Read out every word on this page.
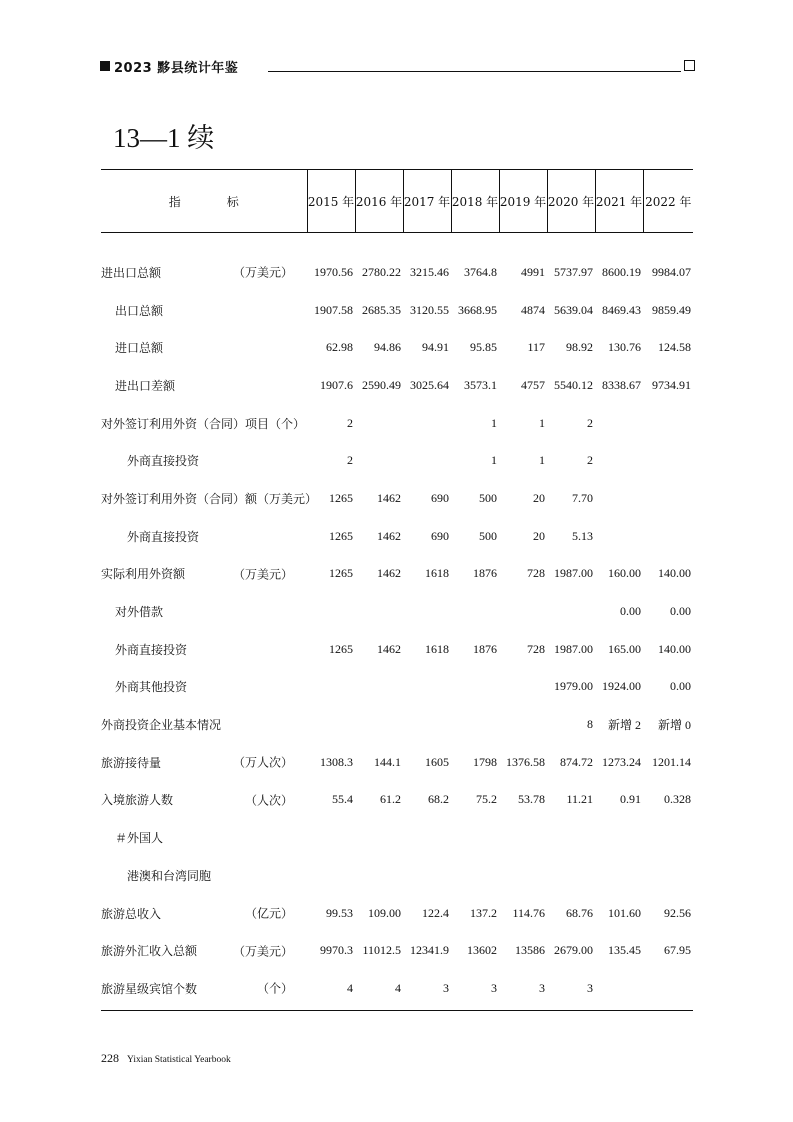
2023 黟县统计年鉴
13—1 续
指 标	2015 年	2016 年	2017 年	2018 年	2019 年	2020 年	2021 年	2022 年

进出口总额 （万美元）	1970.56	2780.22	3215.46	3764.8	4991	5737.97	8600.19	9984.07
出口总额	1907.58	2685.35	3120.55	3668.95	4874	5639.04	8469.43	9859.49
进口总额	62.98	94.86	94.91	95.85	117	98.92	130.76	124.58
进出口差额	1907.6	2590.49	3025.64	3573.1	4757	5540.12	8338.67	9734.91
对外签订利用外资（合同）项目（个）	2			1	1	2		
外商直接投资	2			1	1	2		
对外签订利用外资（合同）额（万美元）	1265	1462	690	500	20	7.70		
外商直接投资	1265	1462	690	500	20	5.13		
实际利用外资额 （万美元）	1265	1462	1618	1876	728	1987.00	160.00	140.00
对外借款							0.00	0.00
外商直接投资	1265	1462	1618	1876	728	1987.00	165.00	140.00
外商其他投资						1979.00	1924.00	0.00
外商投资企业基本情况						8	新增 2	新增 0
旅游接待量 （万人次）	1308.3	144.1	1605	1798	1376.58	874.72	1273.24	1201.14
入境旅游人数 （人次）	55.4	61.2	68.2	75.2	53.78	11.21	0.91	0.328
＃外国人								
港澳和台湾同胞								
旅游总收入 （亿元）	99.53	109.00	122.4	137.2	114.76	68.76	101.60	92.56
旅游外汇收入总额 （万美元）	9970.3	11012.5	12341.9	13602	13586	2679.00	135.45	67.95
旅游星级宾馆个数 （个）	4	4	3	3	3	3		
228 Yixian Statistical Yearbook
